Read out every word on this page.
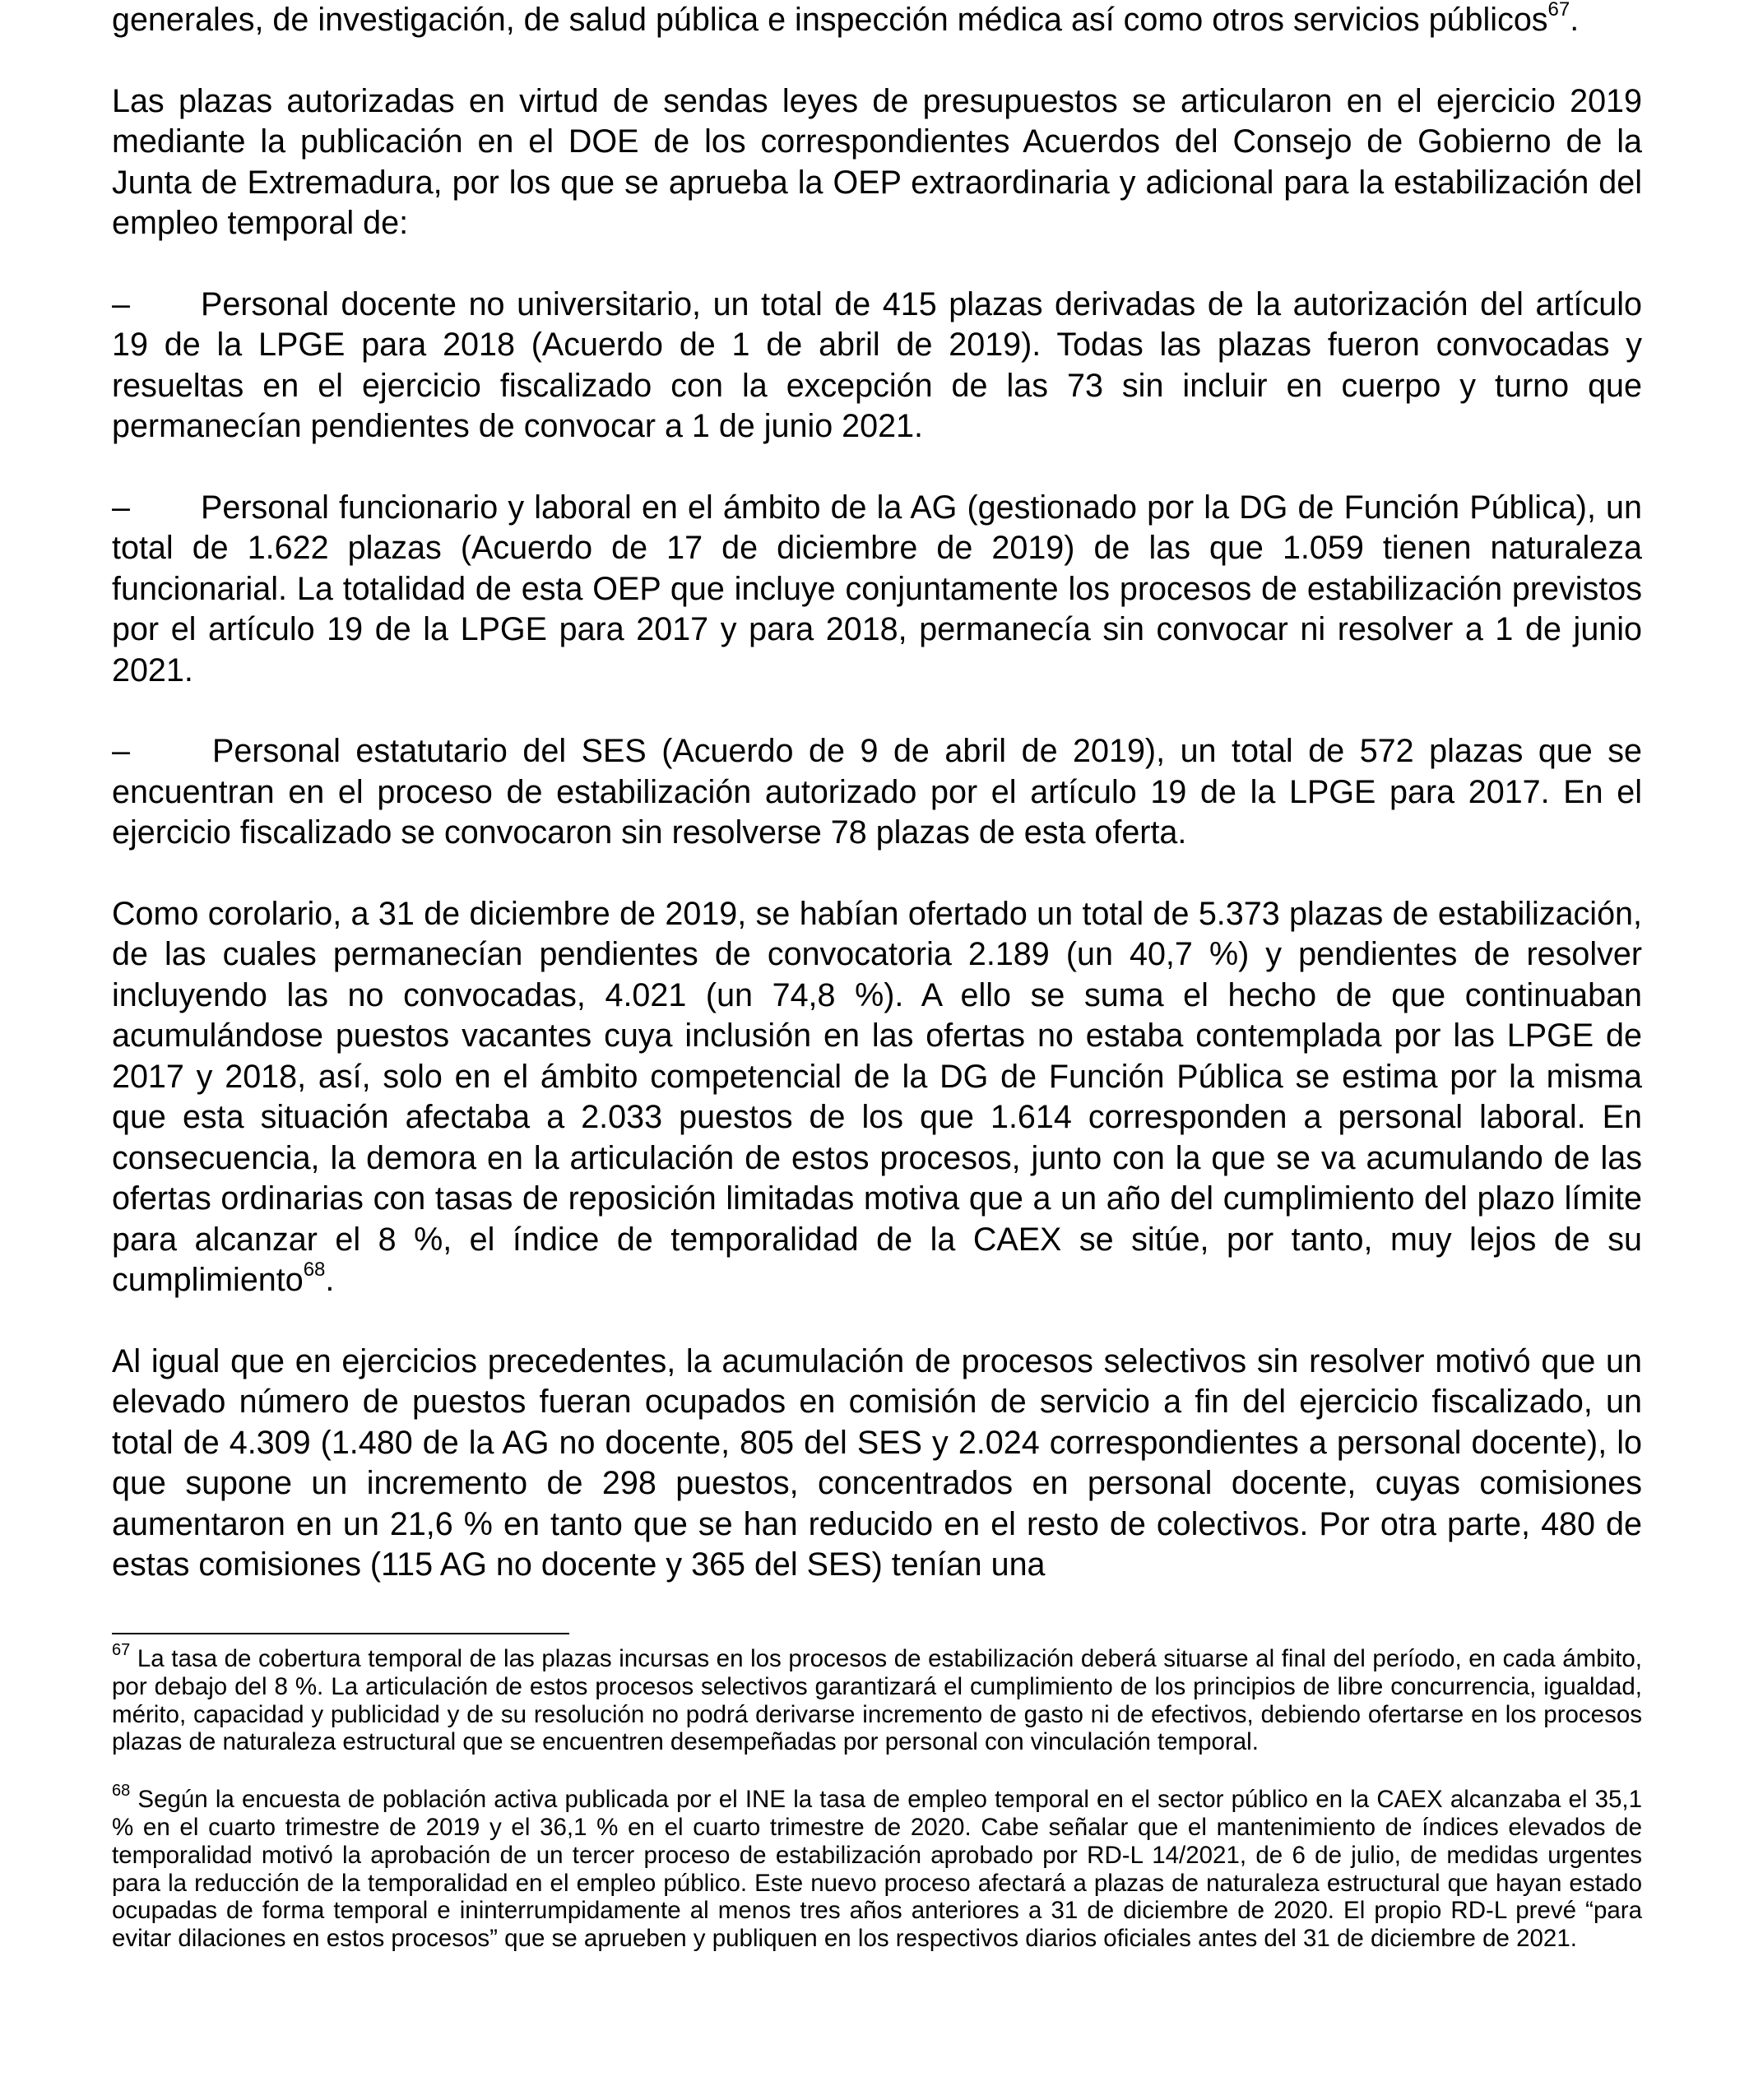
generales, de investigación, de salud pública e inspección médica así como otros servicios públicos$^{67}$.

Las plazas autorizadas en virtud de sendas leyes de presupuestos se articularon en el ejercicio 2019 mediante la publicación en el DOE de los correspondientes Acuerdos del Consejo de Gobierno de la Junta de Extremadura, por los que se aprueba la OEP extraordinaria y adicional para la estabilización del empleo temporal de:

– Personal docente no universitario, un total de 415 plazas derivadas de la autorización del artículo 19 de la LPGE para 2018 (Acuerdo de 1 de abril de 2019). Todas las plazas fueron convocadas y resueltas en el ejercicio fiscalizado con la excepción de las 73 sin incluir en cuerpo y turno que permanecían pendientes de convocar a 1 de junio 2021.

– Personal funcionario y laboral en el ámbito de la AG (gestionado por la DG de Función Pública), un total de 1.622 plazas (Acuerdo de 17 de diciembre de 2019) de las que 1.059 tienen naturaleza funcionarial. La totalidad de esta OEP que incluye conjuntamente los procesos de estabilización previstos por el artículo 19 de la LPGE para 2017 y para 2018, permanecía sin convocar ni resolver a 1 de junio 2021.

–	Personal estatutario del SES (Acuerdo de 9 de abril de 2019), un total de 572 plazas que se encuentran en el proceso de estabilización autorizado por el artículo 19 de la LPGE para 2017. En el ejercicio fiscalizado se convocaron sin resolverse 78 plazas de esta oferta.

Como corolario, a 31 de diciembre de 2019, se habían ofertado un total de 5.373 plazas de estabilización, de las cuales permanecían pendientes de convocatoria 2.189 (un 40,7 %) y pendientes de resolver incluyendo las no convocadas, 4.021 (un 74,8 %). A ello se suma el hecho de que continuaban acumulándose puestos vacantes cuya inclusión en las ofertas no estaba contemplada por las LPGE de 2017 y 2018, así, solo en el ámbito competencial de la DG de Función Pública se estima por la misma que esta situación afectaba a 2.033 puestos de los que 1.614 corresponden a personal laboral. En consecuencia, la demora en la articulación de estos procesos, junto con la que se va acumulando de las ofertas ordinarias con tasas de reposición limitadas motiva que a un año del cumplimiento del plazo límite para alcanzar el 8 %, el índice de temporalidad de la CAEX se sitúe, por tanto, muy lejos de su cumplimiento$^{68}$.

Al igual que en ejercicios precedentes, la acumulación de procesos selectivos sin resolver motivó que un elevado número de puestos fueran ocupados en comisión de servicio a fin del ejercicio fiscalizado, un total de 4.309 (1.480 de la AG no docente, 805 del SES y 2.024 correspondientes a personal docente), lo que supone un incremento de 298 puestos, concentrados en personal docente, cuyas comisiones aumentaron en un 21,6 % en tanto que se han reducido en el resto de colectivos. Por otra parte, 480 de estas comisiones (115 AG no docente y 365 del SES) tenían una

$^{67}$ La tasa de cobertura temporal de las plazas incursas en los procesos de estabilización deberá situarse al final del período, en cada ámbito, por debajo del 8 %. La articulación de estos procesos selectivos garantizará el cumplimiento de los principios de libre concurrencia, igualdad, mérito, capacidad y publicidad y de su resolución no podrá derivarse incremento de gasto ni de efectivos, debiendo ofertarse en los procesos plazas de naturaleza estructural que se encuentren desempeñadas por personal con vinculación temporal.

$^{68}$ Según la encuesta de población activa publicada por el INE la tasa de empleo temporal en el sector público en la CAEX alcanzaba el 35,1 % en el cuarto trimestre de 2019 y el 36,1 % en el cuarto trimestre de 2020. Cabe señalar que el mantenimiento de índices elevados de temporalidad motivó la aprobación de un tercer proceso de estabilización aprobado por RD-L 14/2021, de 6 de julio, de medidas urgentes para la reducción de la temporalidad en el empleo público. Este nuevo proceso afectará a plazas de naturaleza estructural que hayan estado ocupadas de forma temporal e ininterrumpidamente al menos tres años anteriores a 31 de diciembre de 2020. El propio RD-L prevé “para evitar dilaciones en estos procesos” que se aprueben y publiquen en los respectivos diarios oficiales antes del 31 de diciembre de 2021.
